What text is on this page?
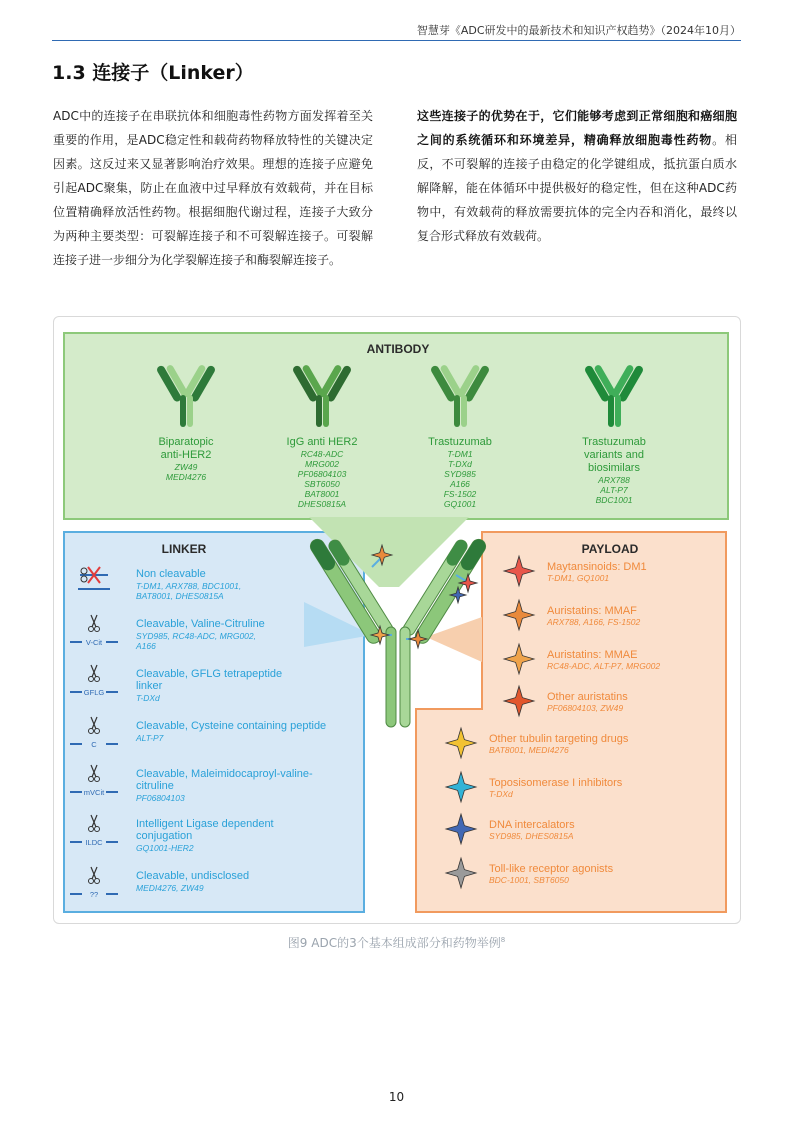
智慧芽《ADC研发中的最新技术和知识产权趋势》（2024年10月）
1.3 连接子（Linker）

ADC中的连接子在串联抗体和细胞毒性药物方面发挥着至关重要的作用，是ADC稳定性和载荷药物释放特性的关键决定因素。这反过来又显著影响治疗效果。理想的连接子应避免引起ADC聚集，防止在血液中过早释放有效载荷，并在目标位置精确释放活性药物。根据细胞代谢过程，连接子大致分为两种主要类型：可裂解连接子和不可裂解连接子。可裂解连接子进一步细分为化学裂解连接子和酶裂解连接子。

这些连接子的优势在于，它们能够考虑到正常细胞和癌细胞之间的系统循环和环境差异，精确释放细胞毒性药物。相反，不可裂解的连接子由稳定的化学键组成，抵抗蛋白质水解降解，能在体循环中提供极好的稳定性，但在这种ADC药物中，有效载荷的释放需要抗体的完全内吞和消化，最终以复合形式释放有效载荷。

ANTIBODY
LINKER	PAYLOAD
Biparatopic
anti-HER2
ZW49
MEDI4276
IgG anti HER2
RC48-ADC
MRG002
PF06804103
SBT6050
BAT8001
DHES0815A
Trastuzumab
T-DM1
T-DXd
SYD985
A166
FS-1502
GQ1001
Trastuzumab
variants and
biosimilars
ARX788
ALT-P7
BDC1001
Non cleavable
T-DM1, ARX788, BDC1001,
BAT8001, DHES0815A
V-Cit
Cleavable, Valine-Citruline
SYD985, RC48-ADC, MRG002,
A166
GFLG
Cleavable, GFLG tetrapeptide
linker
T-DXd
C
Cleavable, Cysteine containing peptide
ALT-P7
mVCit
Cleavable, Maleimidocaproyl-valine-
citruline
PF06804103
ILDC
Intelligent Ligase dependent
conjugation
GQ1001-HER2
??
Cleavable, undisclosed
MEDI4276, ZW49
Maytansinoids: DM1
T-DM1, GQ1001
Auristatins: MMAF
ARX788, A166, FS-1502
Auristatins: MMAE
RC48-ADC, ALT-P7, MRG002
Other auristatins
PF06804103, ZW49
Other tubulin targeting drugs
BAT8001, MEDI4276
Toposisomerase I inhibitors
T-DXd
DNA intercalators
SYD985, DHES0815A
Toll-like receptor agonists
BDC-1001, SBT6050
图9 ADC的3个基本组成部分和药物举例$^8$
10
